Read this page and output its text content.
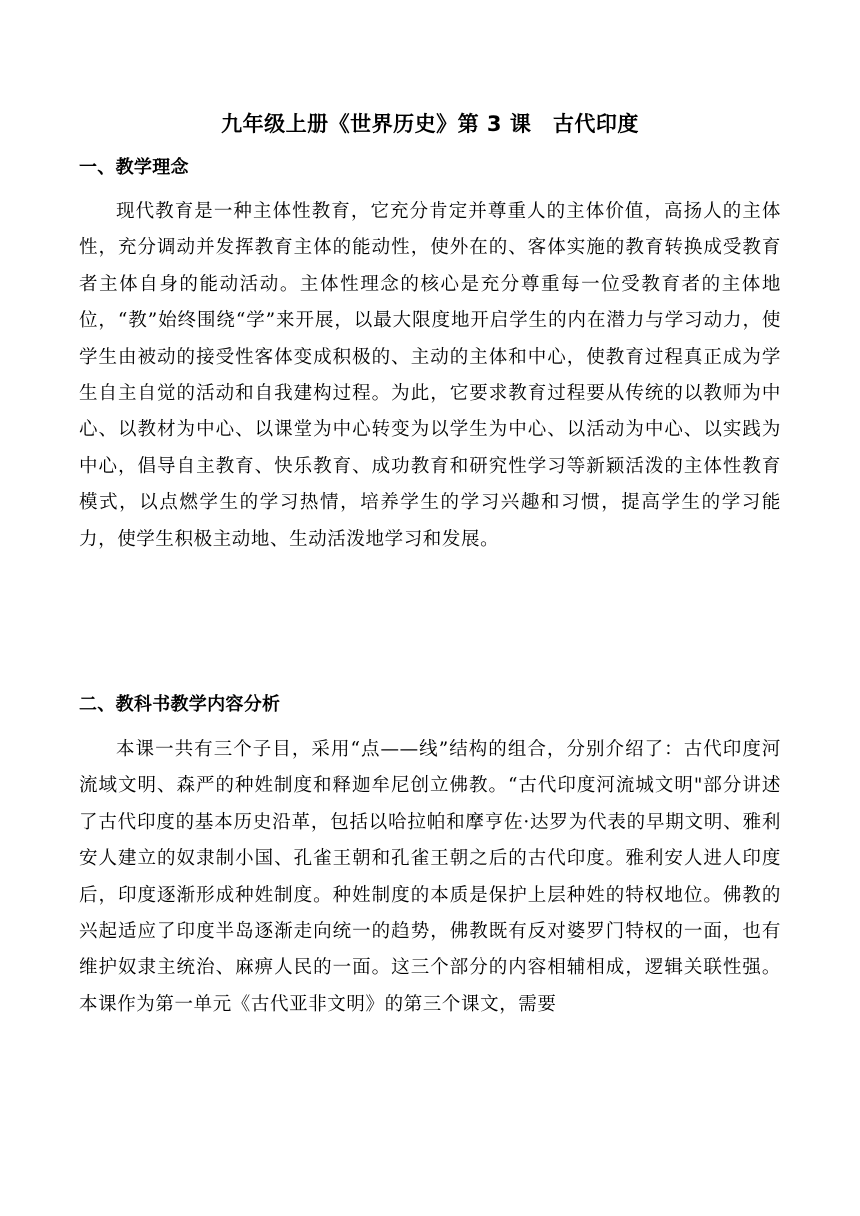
九年级上册《世界历史》第 3 课　古代印度
一、教学理念

现代教育是一种主体性教育，它充分肯定并尊重人的主体价值，高扬人的主体性，充分调动并发挥教育主体的能动性，使外在的、客体实施的教育转换成受教育者主体自身的能动活动。主体性理念的核心是充分尊重每一位受教育者的主体地位，“教”始终围绕“学”来开展，以最大限度地开启学生的内在潜力与学习动力，使学生由被动的接受性客体变成积极的、主动的主体和中心，使教育过程真正成为学生自主自觉的活动和自我建构过程。为此，它要求教育过程要从传统的以教师为中心、以教材为中心、以课堂为中心转变为以学生为中心、以活动为中心、以实践为中心，倡导自主教育、快乐教育、成功教育和研究性学习等新颖活泼的主体性教育模式，以点燃学生的学习热情，培养学生的学习兴趣和习惯，提高学生的学习能力，使学生积极主动地、生动活泼地学习和发展。

二、教科书教学内容分析

本课一共有三个子目，采用“点——线”结构的组合，分别介绍了：古代印度河流域文明、森严的种姓制度和释迦牟尼创立佛教。“古代印度河流城文明"部分讲述了古代印度的基本历史沿革，包括以哈拉帕和摩亨佐·达罗为代表的早期文明、雅利安人建立的奴隶制小国、孔雀王朝和孔雀王朝之后的古代印度。雅利安人进人印度后，印度逐渐形成种姓制度。种姓制度的本质是保护上层种姓的特权地位。佛教的兴起适应了印度半岛逐渐走向统一的趋势，佛教既有反对婆罗门特权的一面，也有维护奴隶主统治、麻痹人民的一面。这三个部分的内容相辅相成，逻辑关联性强。本课作为第一单元《古代亚非文明》的第三个课文，需要
